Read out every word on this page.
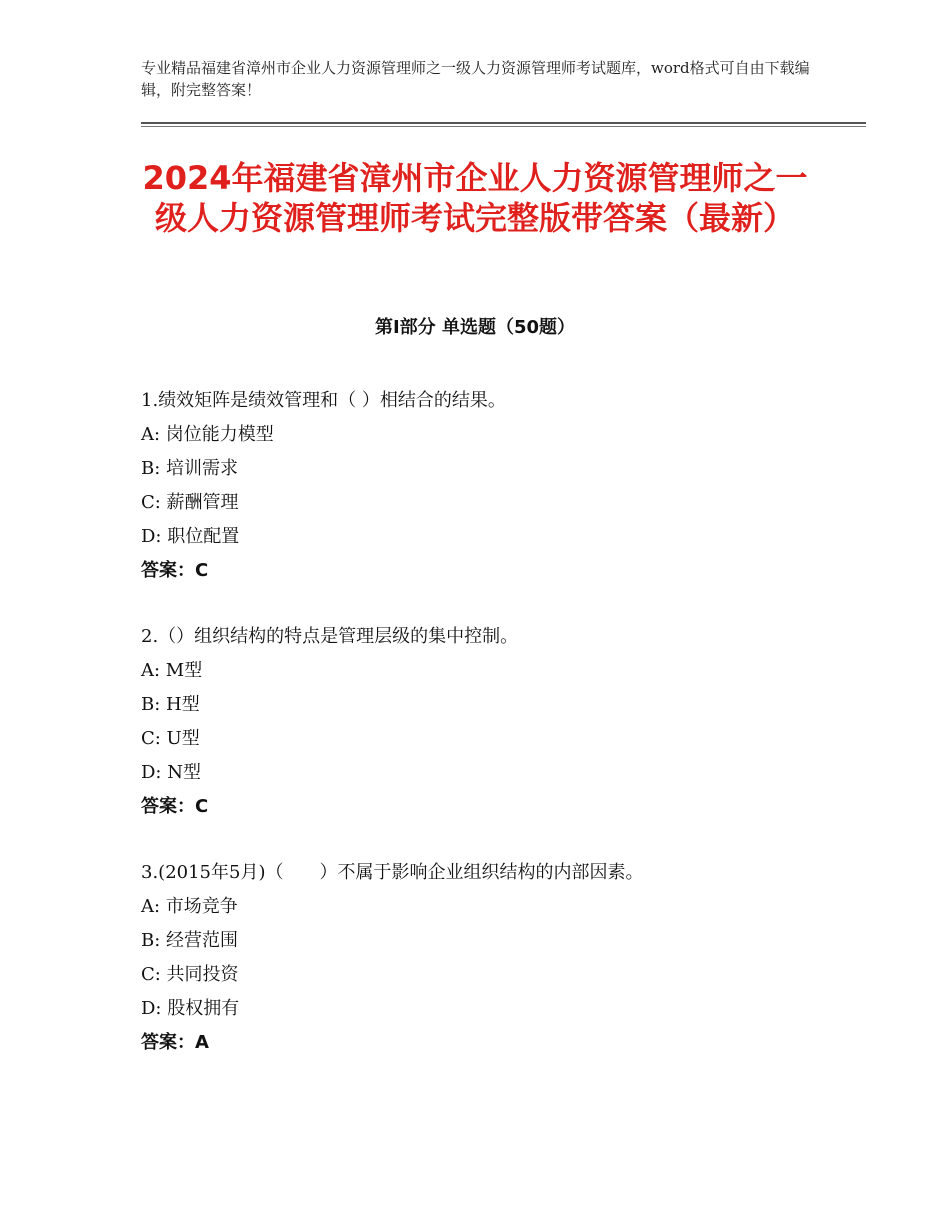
专业精品福建省漳州市企业人力资源管理师之一级人力资源管理师考试题库，word格式可自由下载编辑，附完整答案！
2024年福建省漳州市企业人力资源管理师之一级人力资源管理师考试完整版带答案（最新）
第Ⅰ部分 单选题（50题）
1.绩效矩阵是绩效管理和（ ）相结合的结果。
A: 岗位能力模型
B: 培训需求
C: 薪酬管理
D: 职位配置
答案：C
2.（）组织结构的特点是管理层级的集中控制。
A: M型
B: H型
C: U型
D: N型
答案：C
3.(2015年5月)（　　）不属于影响企业组织结构的内部因素。
A: 市场竞争
B: 经营范围
C: 共同投资
D: 股权拥有
答案：A
